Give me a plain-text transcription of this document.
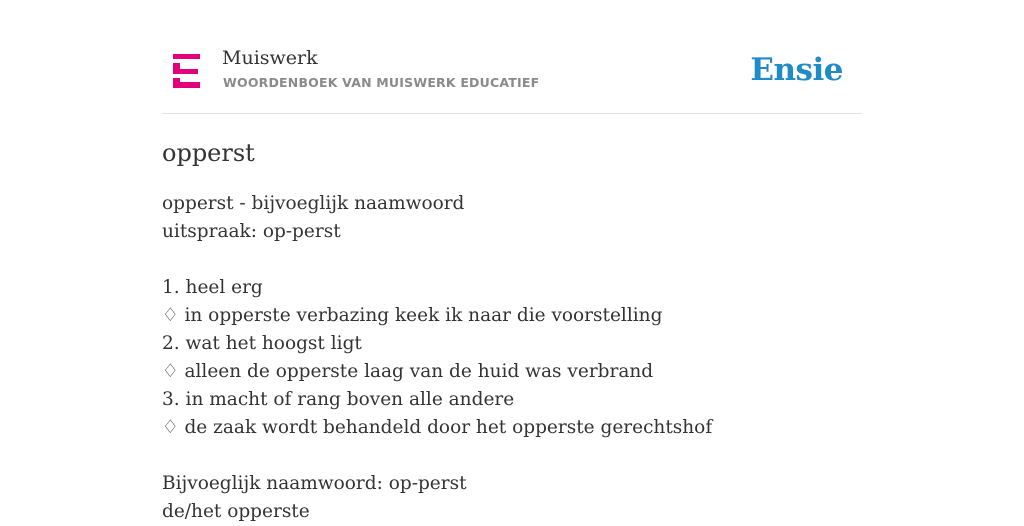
Muiswerk
WOORDENBOEK VAN MUISWERK EDUCATIEF	Ensie
opperst
opperst - bijvoeglijk naamwoord
uitspraak: op-perst
1. heel erg
♢ in opperste verbazing keek ik naar die voorstelling
2. wat het hoogst ligt
♢ alleen de opperste laag van de huid was verbrand
3. in macht of rang boven alle andere
♢ de zaak wordt behandeld door het opperste gerechtshof
Bijvoeglijk naamwoord: op-perst
de/het opperste
